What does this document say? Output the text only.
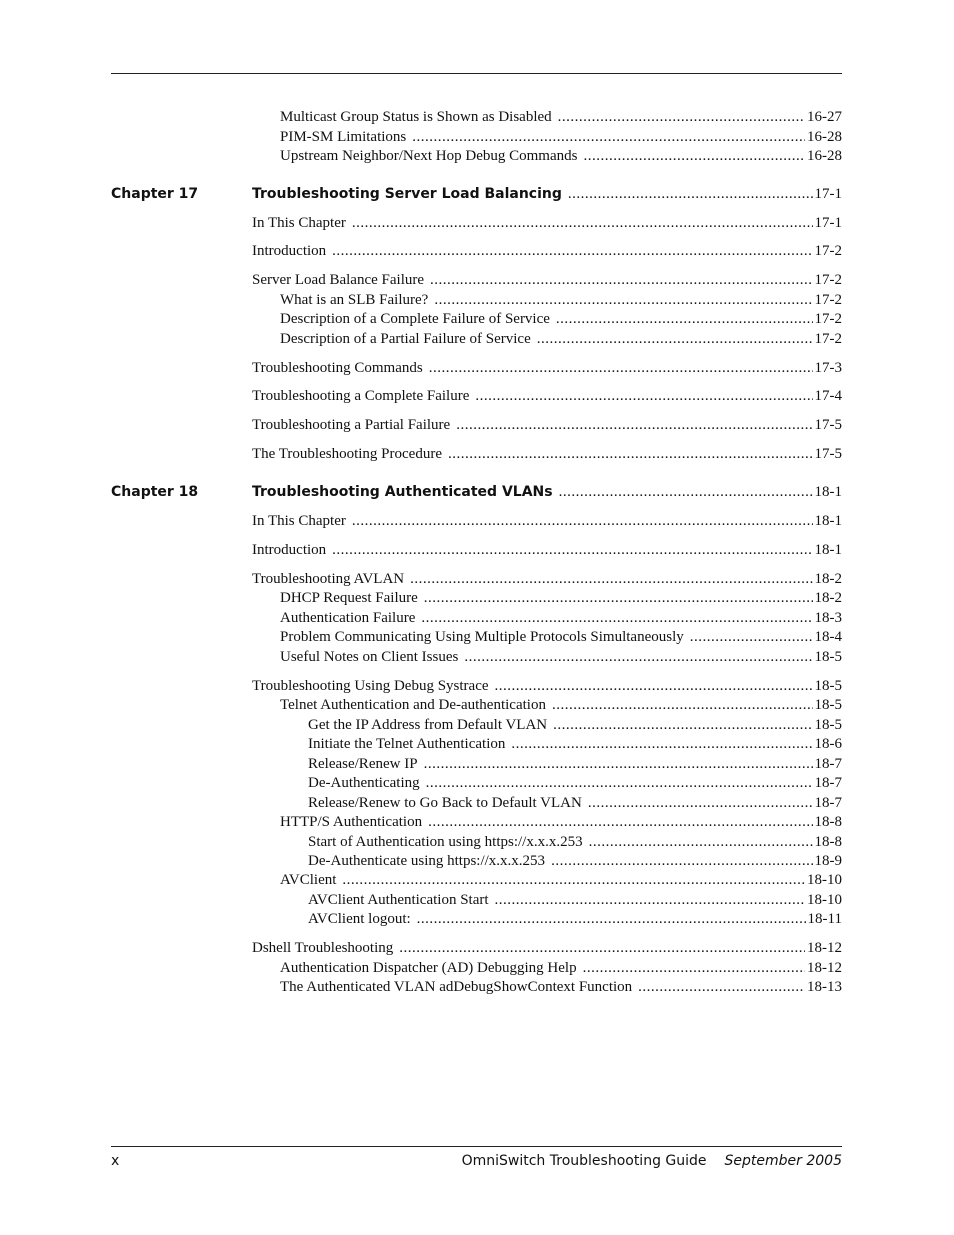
Multicast Group Status is Shown as Disabled .....	16-27
PIM-SM Limitations .....	16-28
Upstream Neighbor/Next Hop Debug Commands .....	16-28
Chapter 17	Troubleshooting Server Load Balancing .....	17-1
In This Chapter .....	17-1
Introduction .....	17-2
Server Load Balance Failure .....	17-2
What is an SLB Failure? .....	17-2
Description of a Complete Failure of Service .....	17-2
Description of a Partial Failure of Service .....	17-2
Troubleshooting Commands .....	17-3
Troubleshooting a Complete Failure .....	17-4
Troubleshooting a Partial Failure .....	17-5
The Troubleshooting Procedure .....	17-5
Chapter 18	Troubleshooting Authenticated VLANs .....	18-1
In This Chapter .....	18-1
Introduction .....	18-1
Troubleshooting AVLAN .....	18-2
DHCP Request Failure .....	18-2
Authentication Failure .....	18-3
Problem Communicating Using Multiple Protocols Simultaneously .....	18-4
Useful Notes on Client Issues .....	18-5
Troubleshooting Using Debug Systrace .....	18-5
Telnet Authentication and De-authentication .....	18-5
Get the IP Address from Default VLAN .....	18-5
Initiate the Telnet Authentication .....	18-6
Release/Renew IP .....	18-7
De-Authenticating .....	18-7
Release/Renew to Go Back to Default VLAN .....	18-7
HTTP/S Authentication .....	18-8
Start of Authentication using https://x.x.x.253 .....	18-8
De-Authenticate using https://x.x.x.253 .....	18-9
AVClient .....	18-10
AVClient Authentication Start .....	18-10
AVClient logout: .....	18-11
Dshell Troubleshooting .....	18-12
Authentication Dispatcher (AD) Debugging Help .....	18-12
The Authenticated VLAN adDebugShowContext Function .....	18-13
x	OmniSwitch Troubleshooting Guide September 2005
